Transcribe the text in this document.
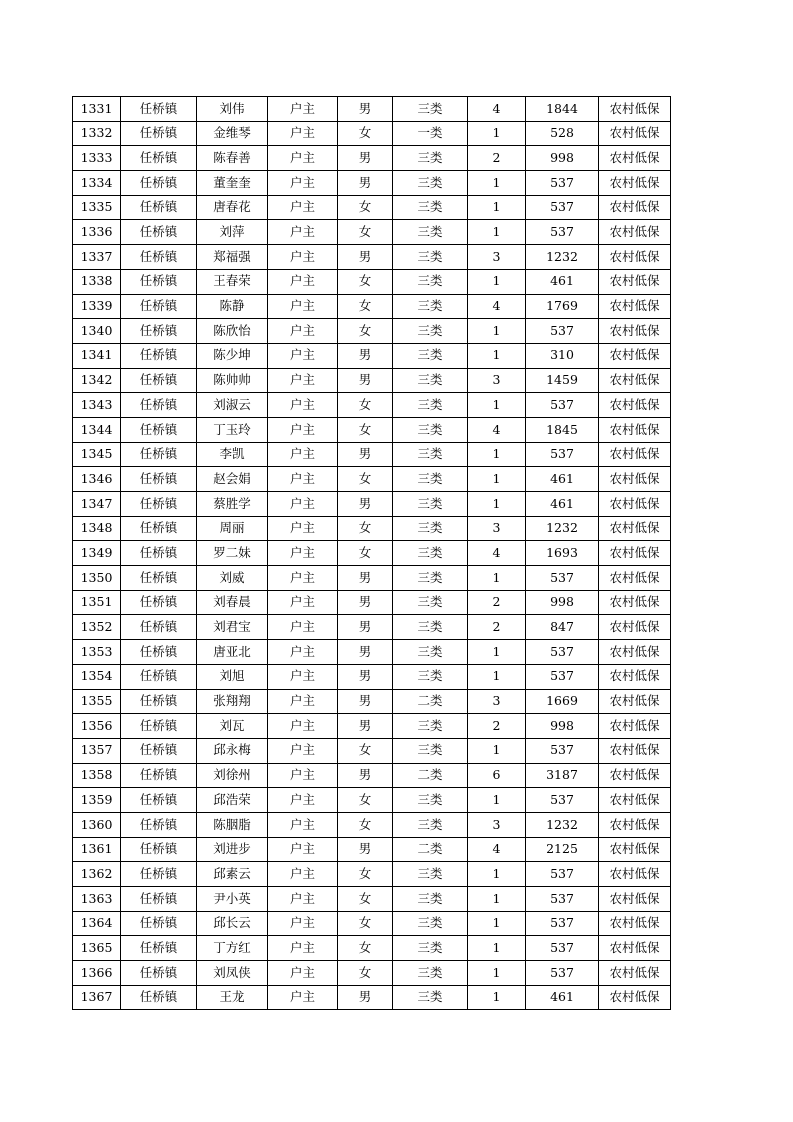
1331	任桥镇	刘伟	户主	男	三类	4	1844	农村低保
1332	任桥镇	金维琴	户主	女	一类	1	528	农村低保
1333	任桥镇	陈春善	户主	男	三类	2	998	农村低保
1334	任桥镇	董奎奎	户主	男	三类	1	537	农村低保
1335	任桥镇	唐春花	户主	女	三类	1	537	农村低保
1336	任桥镇	刘萍	户主	女	三类	1	537	农村低保
1337	任桥镇	郑福强	户主	男	三类	3	1232	农村低保
1338	任桥镇	王春荣	户主	女	三类	1	461	农村低保
1339	任桥镇	陈静	户主	女	三类	4	1769	农村低保
1340	任桥镇	陈欣怡	户主	女	三类	1	537	农村低保
1341	任桥镇	陈少坤	户主	男	三类	1	310	农村低保
1342	任桥镇	陈帅帅	户主	男	三类	3	1459	农村低保
1343	任桥镇	刘淑云	户主	女	三类	1	537	农村低保
1344	任桥镇	丁玉玲	户主	女	三类	4	1845	农村低保
1345	任桥镇	李凯	户主	男	三类	1	537	农村低保
1346	任桥镇	赵会娟	户主	女	三类	1	461	农村低保
1347	任桥镇	蔡胜学	户主	男	三类	1	461	农村低保
1348	任桥镇	周丽	户主	女	三类	3	1232	农村低保
1349	任桥镇	罗二妹	户主	女	三类	4	1693	农村低保
1350	任桥镇	刘威	户主	男	三类	1	537	农村低保
1351	任桥镇	刘春晨	户主	男	三类	2	998	农村低保
1352	任桥镇	刘君宝	户主	男	三类	2	847	农村低保
1353	任桥镇	唐亚北	户主	男	三类	1	537	农村低保
1354	任桥镇	刘旭	户主	男	三类	1	537	农村低保
1355	任桥镇	张翔翔	户主	男	二类	3	1669	农村低保
1356	任桥镇	刘瓦	户主	男	三类	2	998	农村低保
1357	任桥镇	邱永梅	户主	女	三类	1	537	农村低保
1358	任桥镇	刘徐州	户主	男	二类	6	3187	农村低保
1359	任桥镇	邱浩荣	户主	女	三类	1	537	农村低保
1360	任桥镇	陈胭脂	户主	女	三类	3	1232	农村低保
1361	任桥镇	刘进步	户主	男	二类	4	2125	农村低保
1362	任桥镇	邱素云	户主	女	三类	1	537	农村低保
1363	任桥镇	尹小英	户主	女	三类	1	537	农村低保
1364	任桥镇	邱长云	户主	女	三类	1	537	农村低保
1365	任桥镇	丁方红	户主	女	三类	1	537	农村低保
1366	任桥镇	刘凤侠	户主	女	三类	1	537	农村低保
1367	任桥镇	王龙	户主	男	三类	1	461	农村低保
